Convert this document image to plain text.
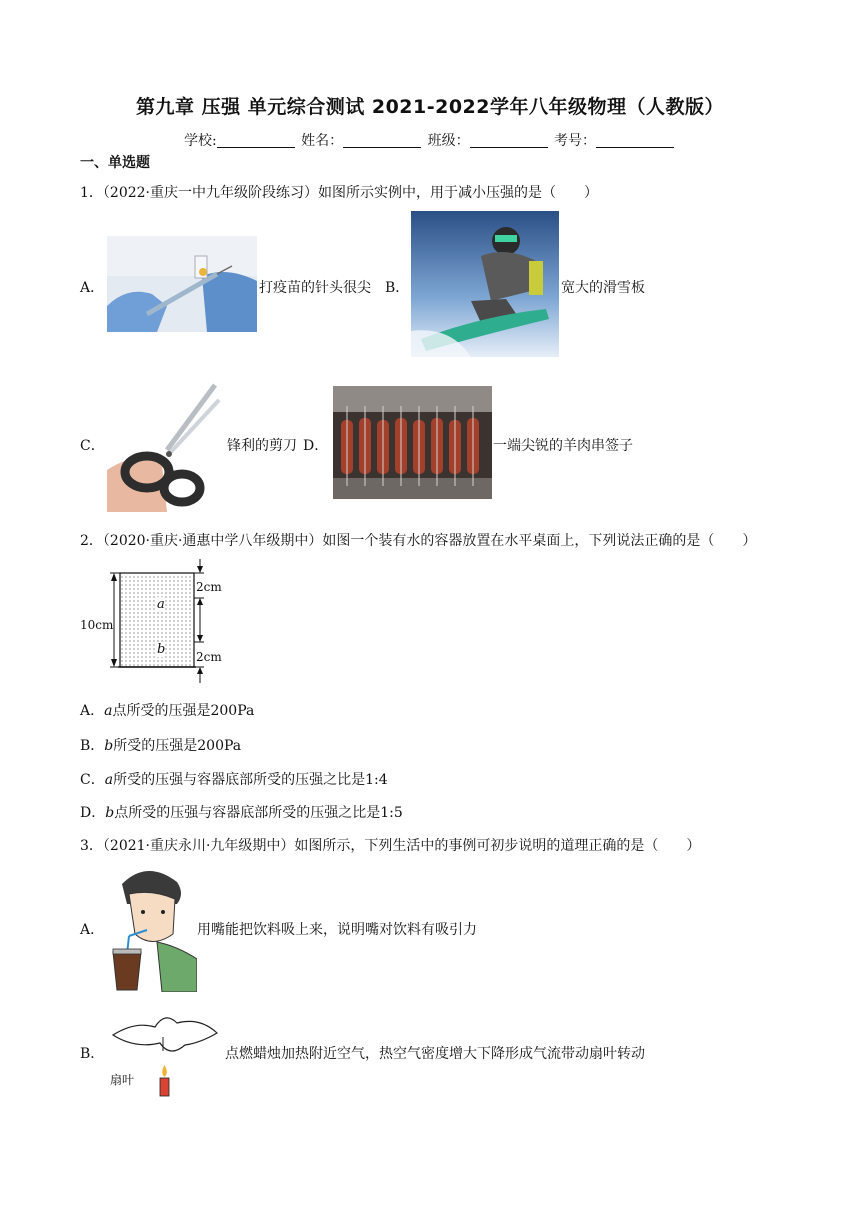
第九章 压强 单元综合测试 2021-2022学年八年级物理（人教版）
学校:	姓名：	班级：	考号：
一、单选题
1．（2022·重庆一中九年级阶段练习）如图所示实例中，用于减小压强的是（　　）
A．	打疫苗的针头很尖 B．	宽大的滑雪板
C．	锋利的剪刀 D．	一端尖锐的羊肉串签子
2．（2020·重庆·通惠中学八年级期中）如图一个装有水的容器放置在水平桌面上，下列说法正确的是（　　）
10cm
2cm
2cm
a
b
A．a点所受的压强是200Pa
B．b所受的压强是200Pa
C．a所受的压强与容器底部所受的压强之比是1:4
D．b点所受的压强与容器底部所受的压强之比是1:5
3．（2021·重庆永川·九年级期中）如图所示，下列生活中的事例可初步说明的道理正确的是（　　）
A．	用嘴能把饮料吸上来，说明嘴对饮料有吸引力
B．
扇叶
点燃蜡烛加热附近空气，热空气密度增大下降形成气流带动扇叶转动
